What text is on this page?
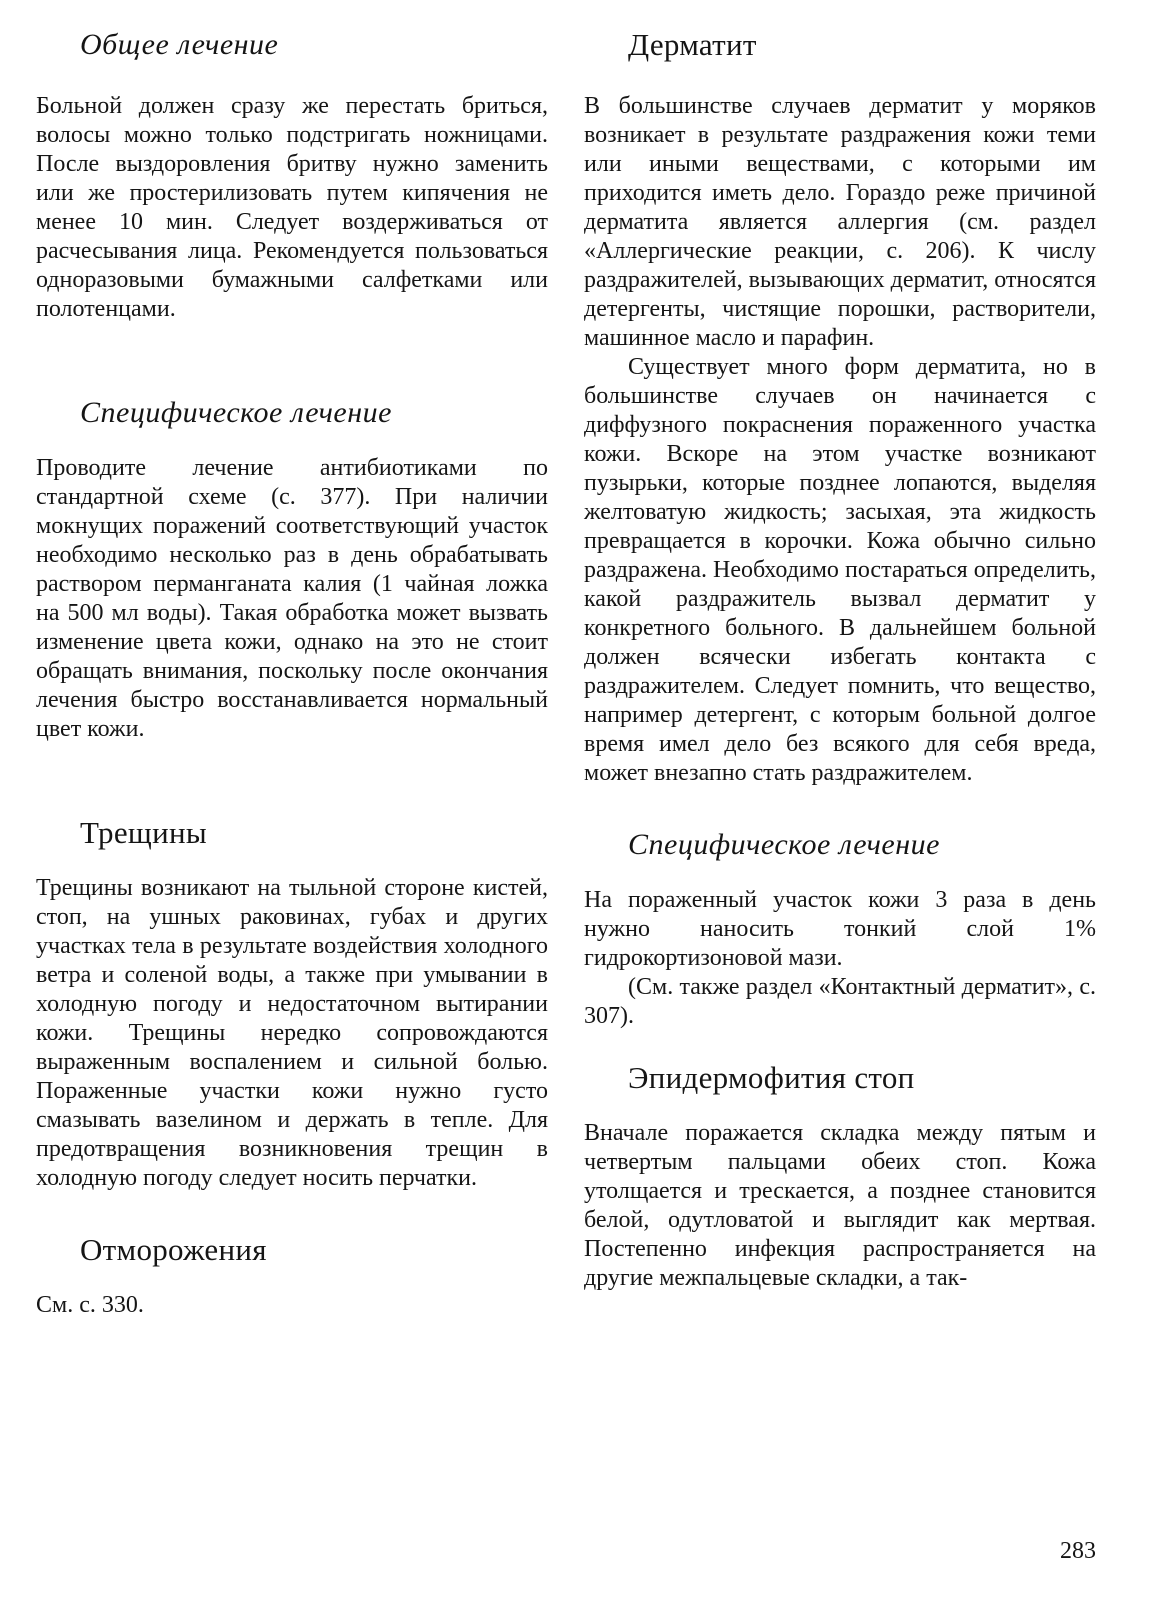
Общее лечение

Больной должен сразу же перестать бриться, волосы можно только подстригать ножницами. После выздоровления бритву нужно заменить или же простерилизовать путем кипячения не менее 10 мин. Следует воздерживаться от расчесывания лица. Рекомендуется пользоваться одноразовыми бумажными салфетками или полотенцами.

Специфическое лечение

Проводите лечение антибиотиками по стандартной схеме (с. 377). При наличии мокнущих поражений соответствующий участок необходимо несколько раз в день обрабатывать раствором перманганата калия (1 чайная ложка на 500 мл воды). Такая обработка может вызвать изменение цвета кожи, однако на это не стоит обращать внимания, поскольку после окончания лечения быстро восстанавливается нормальный цвет кожи.

Трещины

Трещины возникают на тыльной стороне кистей, стоп, на ушных раковинах, губах и других участках тела в результате воздействия холодного ветра и соленой воды, а также при умывании в холодную погоду и недостаточном вытирании кожи. Трещины нередко сопровождаются выраженным воспалением и сильной болью. Пораженные участки кожи нужно густо смазывать вазелином и держать в тепле. Для предотвращения возникновения трещин в холодную погоду следует носить перчатки.

Отморожения

См. с. 330.

Дерматит

В большинстве случаев дерматит у моряков возникает в результате раздражения кожи теми или иными веществами, с которыми им приходится иметь дело. Гораздо реже причиной дерматита является аллергия (см. раздел «Аллергические реакции, с. 206). К числу раздражителей, вызывающих дерматит, относятся детергенты, чистящие порошки, растворители, машинное масло и парафин.

Существует много форм дерматита, но в большинстве случаев он начинается с диффузного покраснения пораженного участка кожи. Вскоре на этом участке возникают пузырьки, которые позднее лопаются, выделяя желтоватую жидкость; засыхая, эта жидкость превращается в корочки. Кожа обычно сильно раздражена. Необходимо постараться определить, какой раздражитель вызвал дерматит у конкретного больного. В дальнейшем больной должен всячески избегать контакта с раздражителем. Следует помнить, что вещество, например детергент, с которым больной долгое время имел дело без всякого для себя вреда, может внезапно стать раздражителем.

Специфическое лечение

На пораженный участок кожи 3 раза в день нужно наносить тонкий слой 1% гидрокортизоновой мази.

(См. также раздел «Контактный дерматит», с. 307).

Эпидермофития стоп

Вначале поражается складка между пятым и четвертым пальцами обеих стоп. Кожа утолщается и трескается, а позднее становится белой, одутловатой и выглядит как мертвая. Постепенно инфекция распространяется на другие межпальцевые складки, а так-

283
